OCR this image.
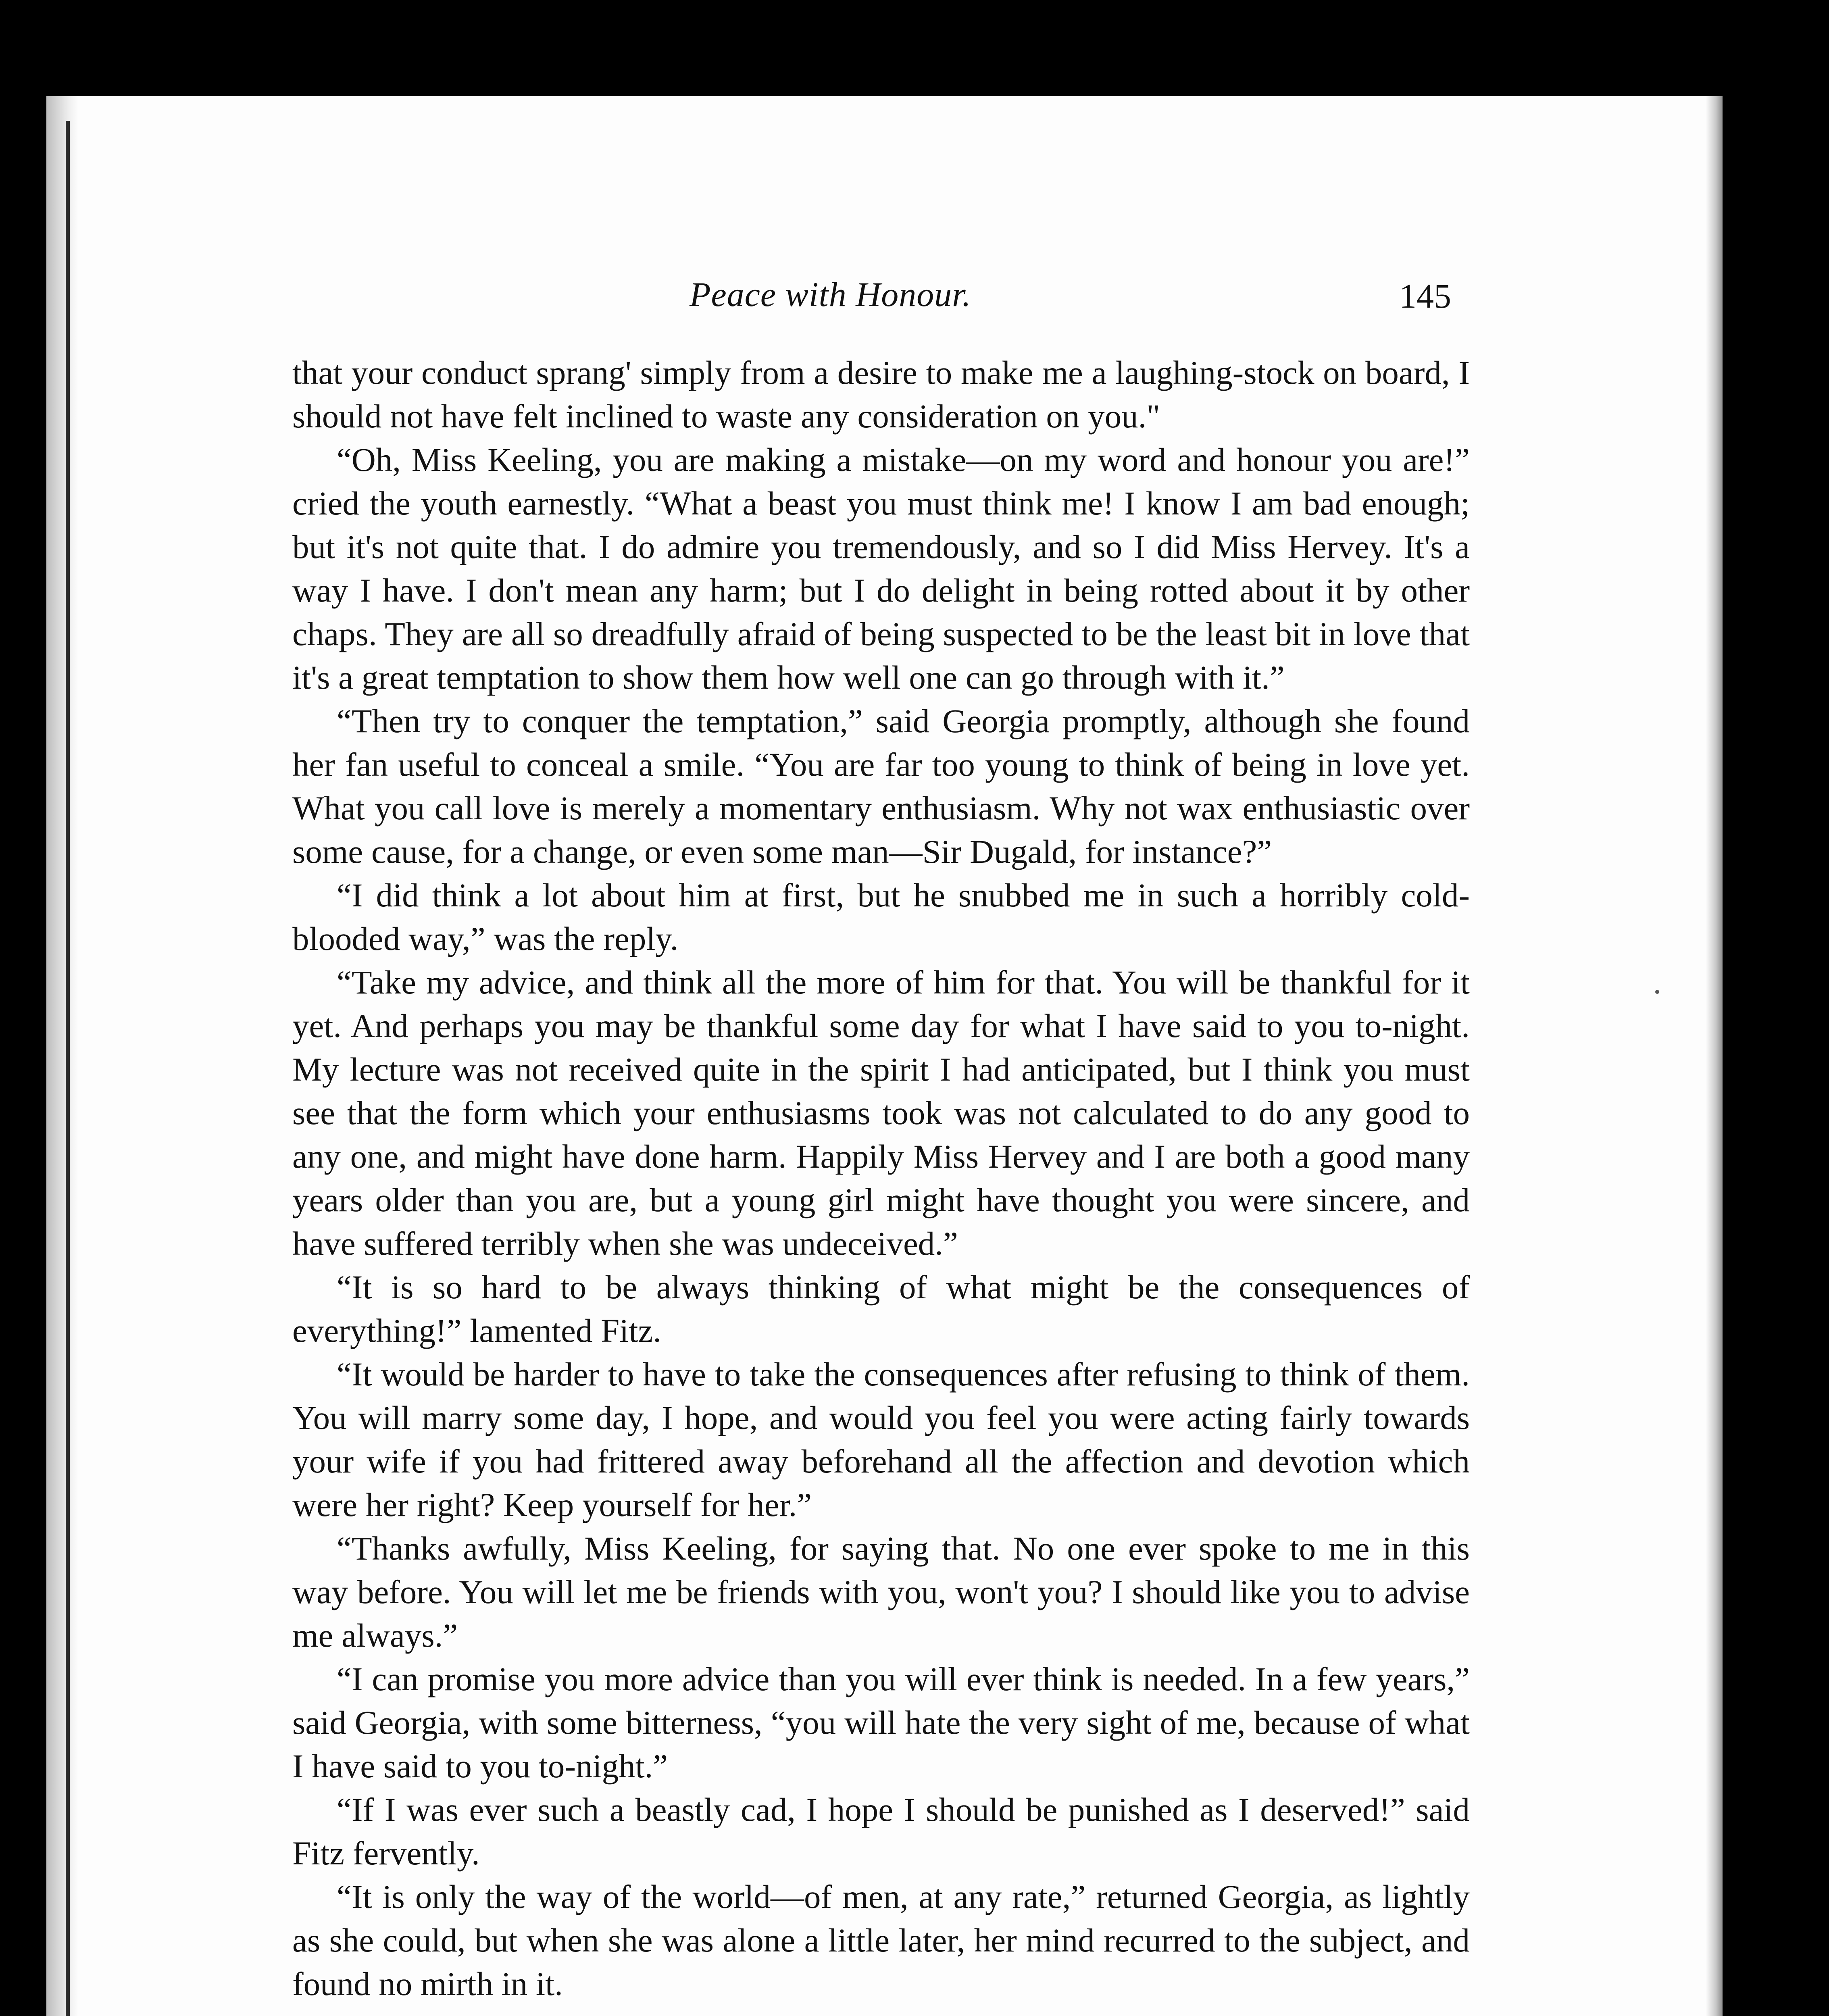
Peace with Honour.	145

that your conduct sprang' simply from a desire to make me a laughing-stock on board, I should not have felt inclined to waste any consideration on you."

“Oh, Miss Keeling, you are making a mistake—on my word and honour you are!” cried the youth earnestly. “What a beast you must think me! I know I am bad enough; but it's not quite that. I do admire you tremendously, and so I did Miss Hervey. It's a way I have. I don't mean any harm; but I do delight in being rotted about it by other chaps. They are all so dreadfully afraid of being suspected to be the least bit in love that it's a great temptation to show them how well one can go through with it.”

“Then try to conquer the temptation,” said Georgia promptly, although she found her fan useful to conceal a smile. “You are far too young to think of being in love yet. What you call love is merely a momentary enthusiasm. Why not wax enthusiastic over some cause, for a change, or even some man—Sir Dugald, for instance?”

“I did think a lot about him at first, but he snubbed me in such a horribly cold-blooded way,” was the reply.

“Take my advice, and think all the more of him for that. You will be thankful for it yet. And perhaps you may be thankful some day for what I have said to you to-night. My lecture was not received quite in the spirit I had anticipated, but I think you must see that the form which your enthusiasms took was not calculated to do any good to any one, and might have done harm. Happily Miss Hervey and I are both a good many years older than you are, but a young girl might have thought you were sincere, and have suffered terribly when she was undeceived.”

“It is so hard to be always thinking of what might be the consequences of everything!” lamented Fitz.

“It would be harder to have to take the consequences after refusing to think of them. You will marry some day, I hope, and would you feel you were acting fairly towards your wife if you had frittered away beforehand all the affection and devotion which were her right? Keep yourself for her.”

“Thanks awfully, Miss Keeling, for saying that. No one ever spoke to me in this way before. You will let me be friends with you, won't you? I should like you to advise me always.”

“I can promise you more advice than you will ever think is needed. In a few years,” said Georgia, with some bitterness, “you will hate the very sight of me, because of what I have said to you to-night.”

“If I was ever such a beastly cad, I hope I should be punished as I deserved!” said Fitz fervently.

“It is only the way of the world—of men, at any rate,” returned Georgia, as lightly as she could, but when she was alone a little later, her mind recurred to the subject, and found no mirth in it.
